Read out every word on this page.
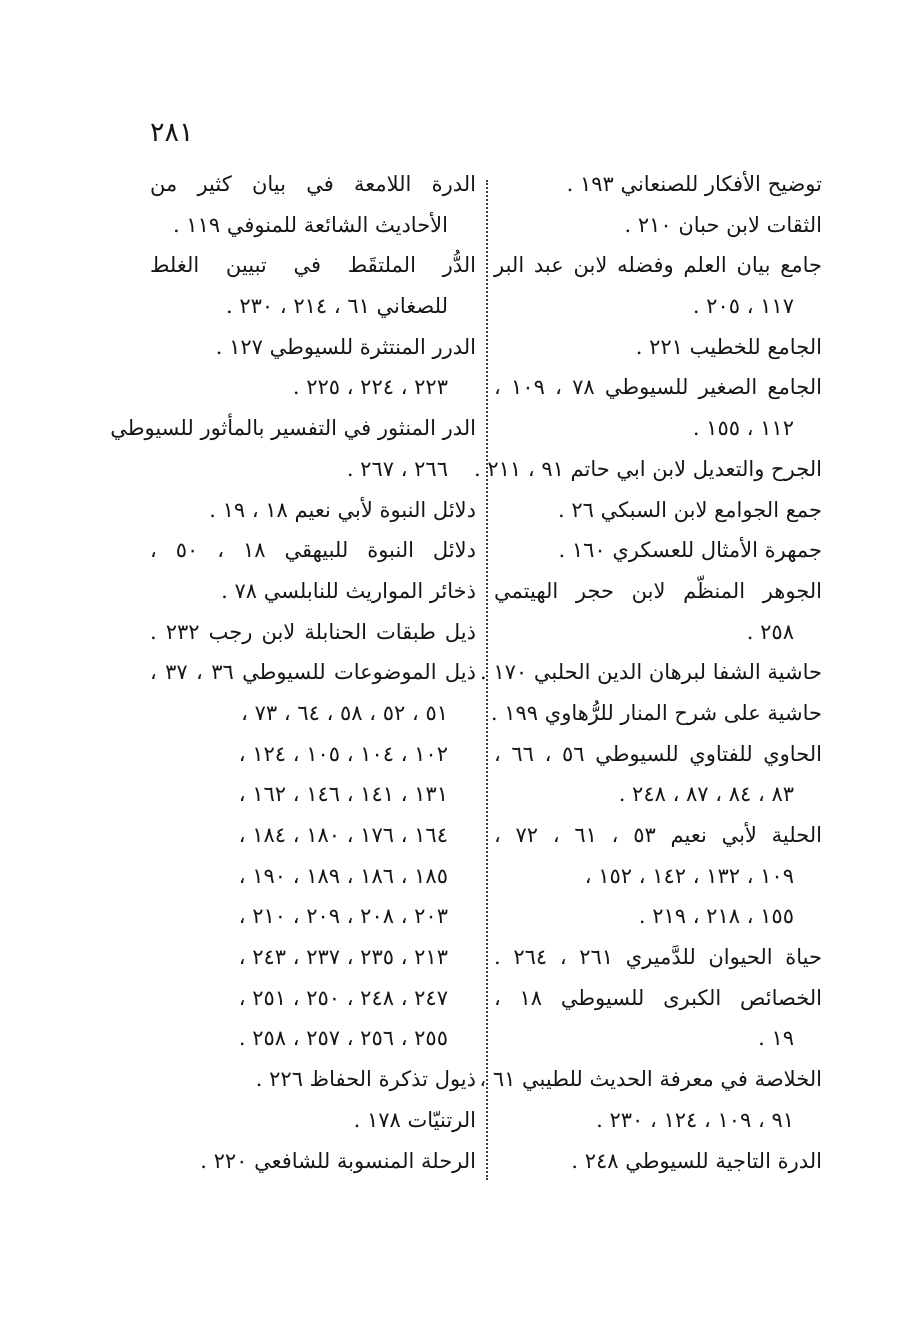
٢٨١
توضيح الأفكار للصنعاني ١٩٣ .
الثقات لابن حبان ٢١٠ .
جامع بيان العلم وفضله لابن عبد البر
١١٧ ، ٢٠٥ .
الجامع للخطيب ٢٢١ .
الجامع الصغير للسيوطي ٧٨ ، ١٠٩ ،
١١٢ ، ١٥٥ .
الجرح والتعديل لابن ابي حاتم ٩١ ، ٢١١ .
جمع الجوامع لابن السبكي ٢٦ .
جمهرة الأمثال للعسكري ١٦٠ .
الجوهر المنظّم لابن حجر الهيتمي
٢٥٨ .
حاشية الشفا لبرهان الدين الحلبي ١٧٠ .
حاشية على شرح المنار للرُّهاوي ١٩٩ .
الحاوي للفتاوي للسيوطي ٥٦ ، ٦٦ ،
٨٣ ، ٨٤ ، ٨٧ ، ٢٤٨ .
الحلية لأبي نعيم ٥٣ ، ٦١ ، ٧٢ ،
١٠٩ ، ١٣٢ ، ١٤٢ ، ١٥٢ ،
١٥٥ ، ٢١٨ ، ٢١٩ .
حياة الحيوان للدَّميري ٢٦١ ، ٢٦٤ .
الخصائص الكبرى للسيوطي ١٨ ،
١٩ .
الخلاصة في معرفة الحديث للطيبي ٦١ ،
٩١ ، ١٠٩ ، ١٢٤ ، ٢٣٠ .
الدرة التاجية للسيوطي ٢٤٨ .
الدرة اللامعة في بيان كثير من
الأحاديث الشائعة للمنوفي ١١٩ .
الدُّر الملتقَط في تبيين الغلط
للصغاني ٦١ ، ٢١٤ ، ٢٣٠ .
الدرر المنتثرة للسيوطي ١٢٧ .
٢٢٣ ، ٢٢٤ ، ٢٢٥ .
الدر المنثور في التفسير بالمأثور للسيوطي
٢٦٦ ، ٢٦٧ .
دلائل النبوة لأبي نعيم ١٨ ، ١٩ .
دلائل النبوة للبيهقي ١٨ ، ٥٠ ،
ذخائر المواريث للنابلسي ٧٨ .
ذيل طبقات الحنابلة لابن رجب ٢٣٢ .
ذيل الموضوعات للسيوطي ٣٦ ، ٣٧ ،
٥١ ، ٥٢ ، ٥٨ ، ٦٤ ، ٧٣ ،
١٠٢ ، ١٠٤ ، ١٠٥ ، ١٢٤ ،
١٣١ ، ١٤١ ، ١٤٦ ، ١٦٢ ،
١٦٤ ، ١٧٦ ، ١٨٠ ، ١٨٤ ،
١٨٥ ، ١٨٦ ، ١٨٩ ، ١٩٠ ،
٢٠٣ ، ٢٠٨ ، ٢٠٩ ، ٢١٠ ،
٢١٣ ، ٢٣٥ ، ٢٣٧ ، ٢٤٣ ،
٢٤٧ ، ٢٤٨ ، ٢٥٠ ، ٢٥١ ،
٢٥٥ ، ٢٥٦ ، ٢٥٧ ، ٢٥٨ .
ذيول تذكرة الحفاظ ٢٢٦ .
الرتنيّات ١٧٨ .
الرحلة المنسوبة للشافعي ٢٢٠ .
